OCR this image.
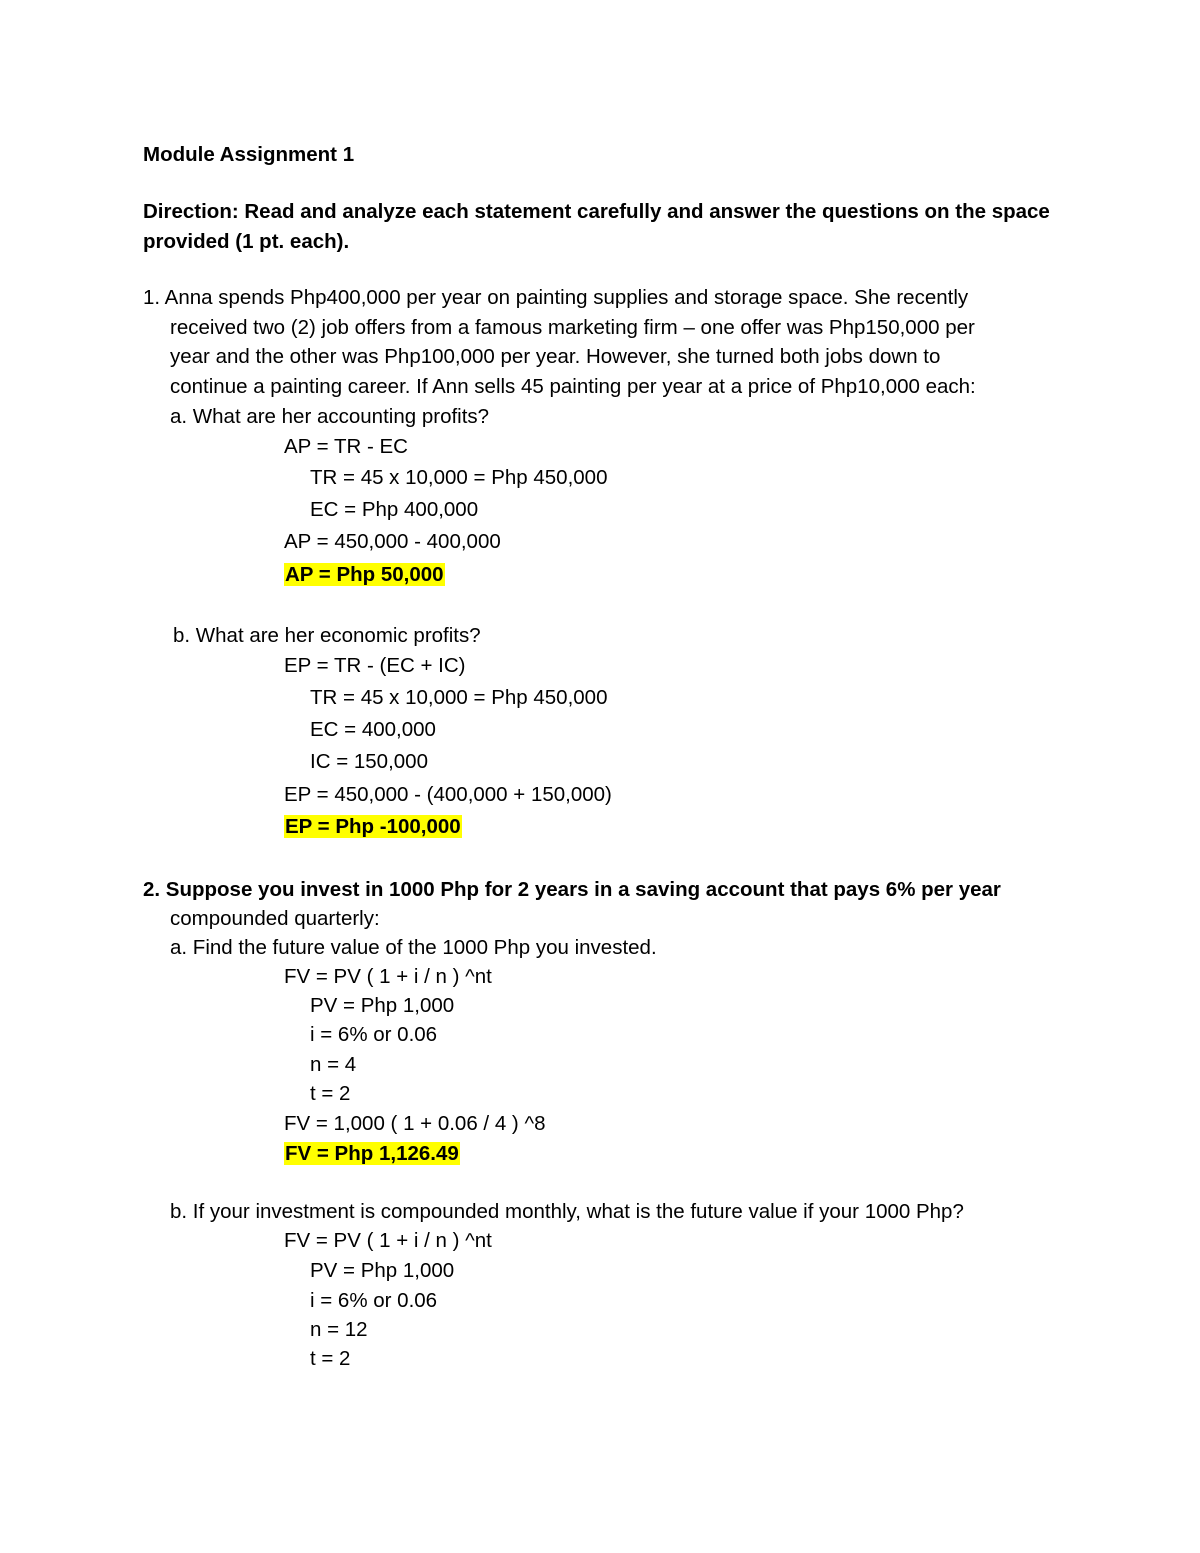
Module Assignment 1
Direction: Read and analyze each statement carefully and answer the questions on the space
provided (1 pt. each).
1. Anna spends Php400,000 per year on painting supplies and storage space. She recently
received two (2) job offers from a famous marketing firm – one offer was Php150,000 per
year and the other was Php100,000 per year. However, she turned both jobs down to
continue a painting career. If Ann sells 45 painting per year at a price of Php10,000 each:
a. What are her accounting profits?
AP = TR - EC
TR = 45 x 10,000 = Php 450,000
EC = Php 400,000
AP = 450,000 - 400,000
AP = Php 50,000
b. What are her economic profits?
EP = TR - (EC + IC)
TR = 45 x 10,000 = Php 450,000
EC = 400,000
IC = 150,000
EP = 450,000 - (400,000 + 150,000)
EP = Php -100,000
2. Suppose you invest in 1000 Php for 2 years in a saving account that pays 6% per year
compounded quarterly:
a. Find the future value of the 1000 Php you invested.
FV = PV ( 1 + i / n ) ^nt
PV = Php 1,000
i = 6% or 0.06
n = 4
t = 2
FV = 1,000 ( 1 + 0.06 / 4 ) ^8
FV = Php 1,126.49
b. If your investment is compounded monthly, what is the future value if your 1000 Php?
FV = PV ( 1 + i / n ) ^nt
PV = Php 1,000
i = 6% or 0.06
n = 12
t = 2
